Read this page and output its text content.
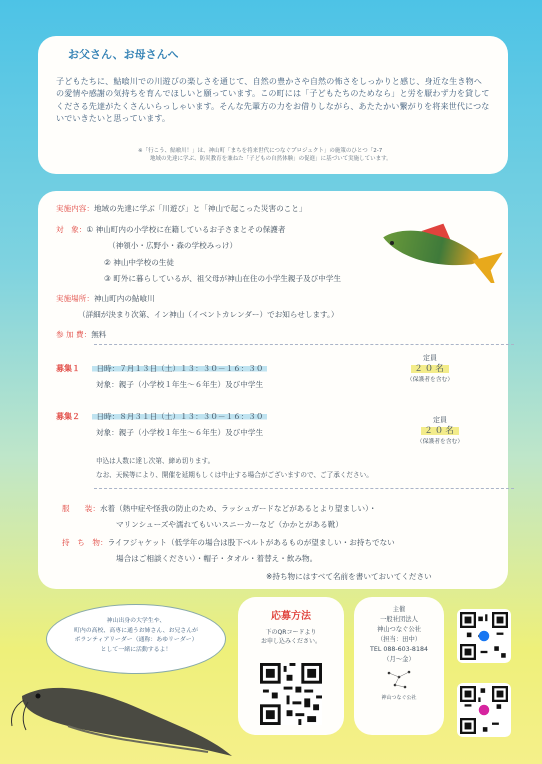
お父さん、お母さんへ

子どもたちに、鮎喰川での川遊びの楽しさを通じて、自然の豊かさや自然の怖さをしっかりと感じ、身近な生き物への愛情や感謝の気持ちを育んでほしいと願っています。この町には「子どもたちのためなら」と労を厭わず力を貸してくださる先達がたくさんいらっしゃいます。そんな先輩方の力をお借りしながら、あたたかい繋がりを将来世代につないでいきたいと思っています。

※「行こう、鮎喰川！」は、神山町「まちを将来世代につなぐプロジェクト」の施策のひとつ「2-7
地域の先達に学ぶ、防災教育を兼ねた「子どもの自然体験」の促進」に基づいて実施しています。
実施内容：地域の先達に学ぶ「川遊び」と「神山で起こった災害のこと」
対　象：① 神山町内の小学校に在籍しているお子さまとその保護者
（神領小・広野小・森の学校みっけ）
② 神山中学校の生徒
③ 町外に暮らしているが、祖父母が神山在住の小学生親子及び中学生
実施場所：神山町内の鮎喰川
（詳細が決まり次第、イン神山（イベントカレンダー）でお知らせします。）
参 加 費：無料
募集１ 日時：７月１３日（土）１３：３０－１６：３０
対象：親子（小学校１年生～６年生）及び中学生
定員
２０名
（保護者を含む）
募集２ 日時：８月３１日（土）１３：３０－１６：３０
対象：親子（小学校１年生～６年生）及び中学生
定員
２０名
（保護者を含む）
申込は人数に達し次第、締め切ります。
なお、天候等により、開催を延期もしくは中止する場合がございますので、ご了承ください。
服　　装：水着（熱中症や怪我の防止のため、ラッシュガードなどがあるとより望ましい）・
マリンシューズや濡れてもいいスニーカーなど（かかとがある靴）
持　ち　物：ライフジャケット（低学年の場合は股下ベルトがあるものが望ましい・お持ちでない
場合はご相談ください）・帽子・タオル・着替え・飲み物。
※持ち物にはすべて名前を書いておいてください
神山出身の大学生や、
町内の高校、高専に通うお姉さん、お兄さんが
ボランティアリーダー（通称：あゆリーダー）
として一緒に活動するよ！
応募方法
下のQRコードより
お申し込みください。
主催
一般社団法人
神山つなぐ公社
（担当：田中）
TEL 088-603-8184
（月～金）
神山つなぐ公社
